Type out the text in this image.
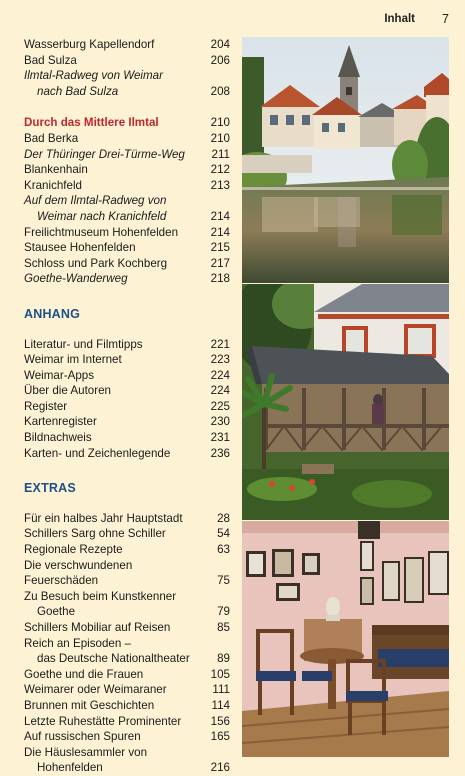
Inhalt 7
Wasserburg Kapellendorf	204
Bad Sulza	206
Ilmtal-Radweg von Weimar
nach Bad Sulza	208
Durch das Mittlere Ilmtal	210
Bad Berka	210
Der Thüringer Drei-Türme-Weg	211
Blankenhain	212
Kranichfeld	213
Auf dem Ilmtal-Radweg von
Weimar nach Kranichfeld	214
Freilichtmuseum Hohenfelden	214
Stausee Hohenfelden	215
Schloss und Park Kochberg	217
Goethe-Wanderweg	218
ANHANG
Literatur- und Filmtipps	221
Weimar im Internet	223
Weimar-Apps	224
Über die Autoren	224
Register	225
Kartenregister	230
Bildnachweis	231
Karten- und Zeichenlegende	236
EXTRAS
Für ein halbes Jahr Hauptstadt	28
Schillers Sarg ohne Schiller	54
Regionale Rezepte	63
Die verschwundenen Feuerschäden	75
Zu Besuch beim Kunstkenner
Goethe	79
Schillers Mobiliar auf Reisen	85
Reich an Episoden –
das Deutsche Nationaltheater	89
Goethe und die Frauen	105
Weimarer oder Weimaraner	111
Brunnen mit Geschichten	114
Letzte Ruhestätte Prominenter	156
Auf russischen Spuren	165
Die Häuslesammler von
Hohenfelden	216
